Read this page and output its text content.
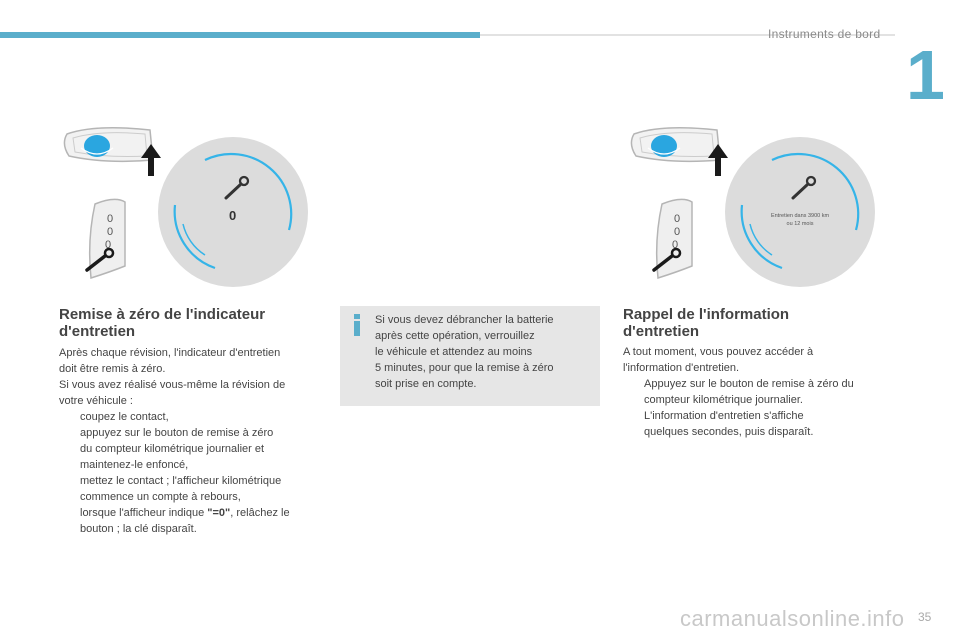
Instruments de bord
1
0
0
0
0	0
0
0
Entretien dans 3900 km
ou 12 mois
Remise à zéro de l'indicateur
d'entretien

Après chaque révision, l'indicateur d'entretien
doit être remis à zéro.
Si vous avez réalisé vous-même la révision de
votre véhicule :

coupez le contact,
appuyez sur le bouton de remise à zéro
du compteur kilométrique journalier et
maintenez-le enfoncé,
mettez le contact ; l'afficheur kilométrique
commence un compte à rebours,
lorsque l'afficheur indique "=0", relâchez le
bouton ; la clé disparaît.

Si vous devez débrancher la batterie
après cette opération, verrouillez
le véhicule et attendez au moins
5 minutes, pour que la remise à zéro
soit prise en compte.

Rappel de l'information
d'entretien

A tout moment, vous pouvez accéder à
l'information d'entretien.

Appuyez sur le bouton de remise à zéro du
compteur kilométrique journalier.
L'information d'entretien s'affiche
quelques secondes, puis disparaît.
carmanualsonline.info 35
